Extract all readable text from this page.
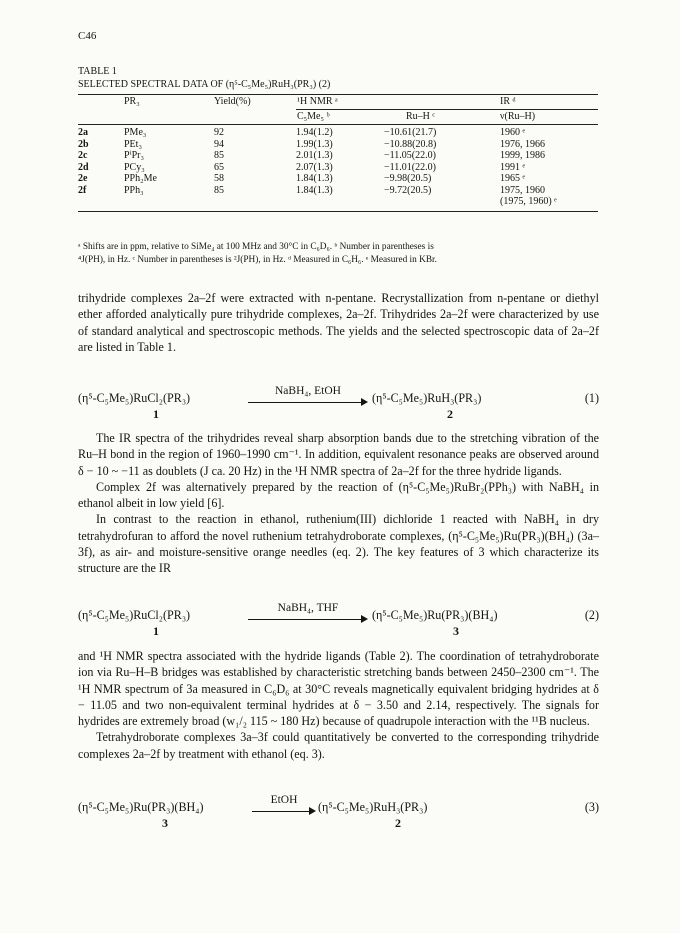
C46
TABLE 1
SELECTED SPECTRAL DATA OF (η⁵-C₅Me₅)RuH₃(PR₃) (2)
	PR₃	Yield(%)	¹H NMR ᵃ		IR ᵈ
			C₅Me₅ ᵇ	Ru–H ᶜ	ν(Ru–H)
2a	PMe₃	92	1.94(1.2)	−10.61(21.7)	1960 ᵉ
2b	PEt₃	94	1.99(1.3)	−10.88(20.8)	1976, 1966
2c	PⁱPr₃	85	2.01(1.3)	−11.05(22.0)	1999, 1986
2d	PCy₃	65	2.07(1.3)	−11.01(22.0)	1991 ᵉ
2e	PPh₂Me	58	1.84(1.3)	−9.98(20.5)	1965 ᵉ
2f	PPh₃	85	1.84(1.3)	−9.72(20.5)	1975, 1960
					(1975, 1960) ᵉ
ᵃ Shifts are in ppm, relative to SiMe₄ at 100 MHz and 30°C in C₆D₆. ᵇ Number in parentheses is
⁴J(PH), in Hz. ᶜ Number in parentheses is ²J(PH), in Hz. ᵈ Measured in C₆H₆. ᵉ Measured in KBr.

trihydride complexes 2a–2f were extracted with n-pentane. Recrystallization from n-pentane or diethyl ether afforded analytically pure trihydride complexes, 2a–2f. Trihydrides 2a–2f were characterized by use of standard analytical and spectroscopic methods. The yields and the selected spectroscopic data of 2a–2f are listed in Table 1.

(η⁵-C₅Me₅)RuCl₂(PR₃)	NaBH₄, EtOH	(η⁵-C₅Me₅)RuH₃(PR₃)
1	2
(1)

The IR spectra of the trihydrides reveal sharp absorption bands due to the stretching vibration of the Ru–H bond in the region of 1960–1990 cm⁻¹. In addition, equivalent resonance peaks are observed around δ − 10 ~ −11 as doublets (J ca. 20 Hz) in the ¹H NMR spectra of 2a–2f for the three hydride ligands.

Complex 2f was alternatively prepared by the reaction of (η⁵-C₅Me₅)RuBr₂(PPh₃) with NaBH₄ in ethanol albeit in low yield [6].

In contrast to the reaction in ethanol, ruthenium(III) dichloride 1 reacted with NaBH₄ in dry tetrahydrofuran to afford the novel ruthenium tetrahydroborate complexes, (η⁵-C₅Me₅)Ru(PR₃)(BH₄) (3a–3f), as air- and moisture-sensitive orange needles (eq. 2). The key features of 3 which characterize its structure are the IR

(η⁵-C₅Me₅)RuCl₂(PR₃)	NaBH₄, THF	(η⁵-C₅Me₅)Ru(PR₃)(BH₄)
1	3
(2)

and ¹H NMR spectra associated with the hydride ligands (Table 2). The coordination of tetrahydroborate ion via Ru–H–B bridges was established by characteristic stretching bands between 2450–2300 cm⁻¹. The ¹H NMR spectrum of 3a measured in C₆D₆ at 30°C reveals magnetically equivalent bridging hydrides at δ − 11.05 and two non-equivalent terminal hydrides at δ − 3.50 and 2.14, respectively. The signals for hydrides are extremely broad (w₁/₂ 115 ~ 180 Hz) because of quadrupole interaction with the ¹¹B nucleus.

Tetrahydroborate complexes 3a–3f could quantitatively be converted to the corresponding trihydride complexes 2a–2f by treatment with ethanol (eq. 3).

(η⁵-C₅Me₅)Ru(PR₃)(BH₄)	EtOH	(η⁵-C₅Me₅)RuH₃(PR₃)
3	2
(3)
